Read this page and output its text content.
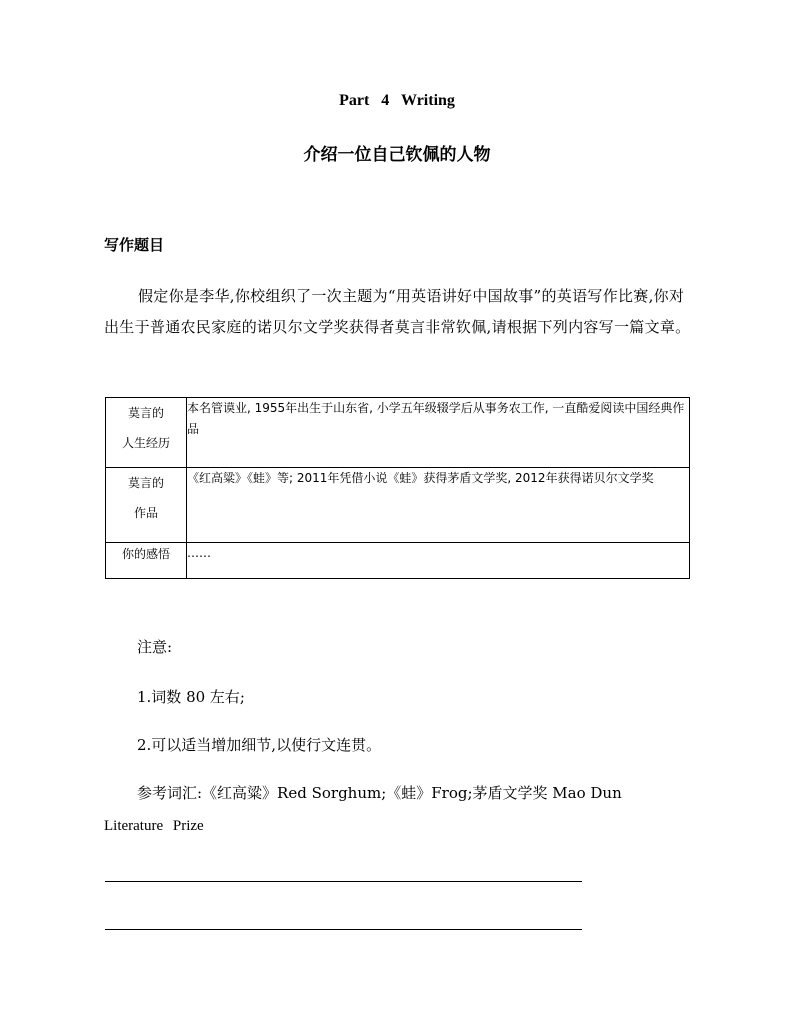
Part 4 Writing
介绍一位自己钦佩的人物
写作题目
假定你是李华,你校组织了一次主题为“用英语讲好中国故事”的英语写作比赛,你对出生于普通农民家庭的诺贝尔文学奖获得者莫言非常钦佩,请根据下列内容写一篇文章。
莫言的
人生经历	本名管谟业, 1955年出生于山东省, 小学五年级辍学后从事务农工作, 一直酷爱阅读中国经典作品

莫言的
作品	《红高粱》《蛙》等; 2011年凭借小说《蛙》获得茅盾文学奖, 2012年获得诺贝尔文学奖
你的感悟	……
注意:
1.词数 80 左右;
2.可以适当增加细节,以使行文连贯。
参考词汇:《红高粱》Red Sorghum;《蛙》Frog;茅盾文学奖 Mao Dun
Literature Prize
